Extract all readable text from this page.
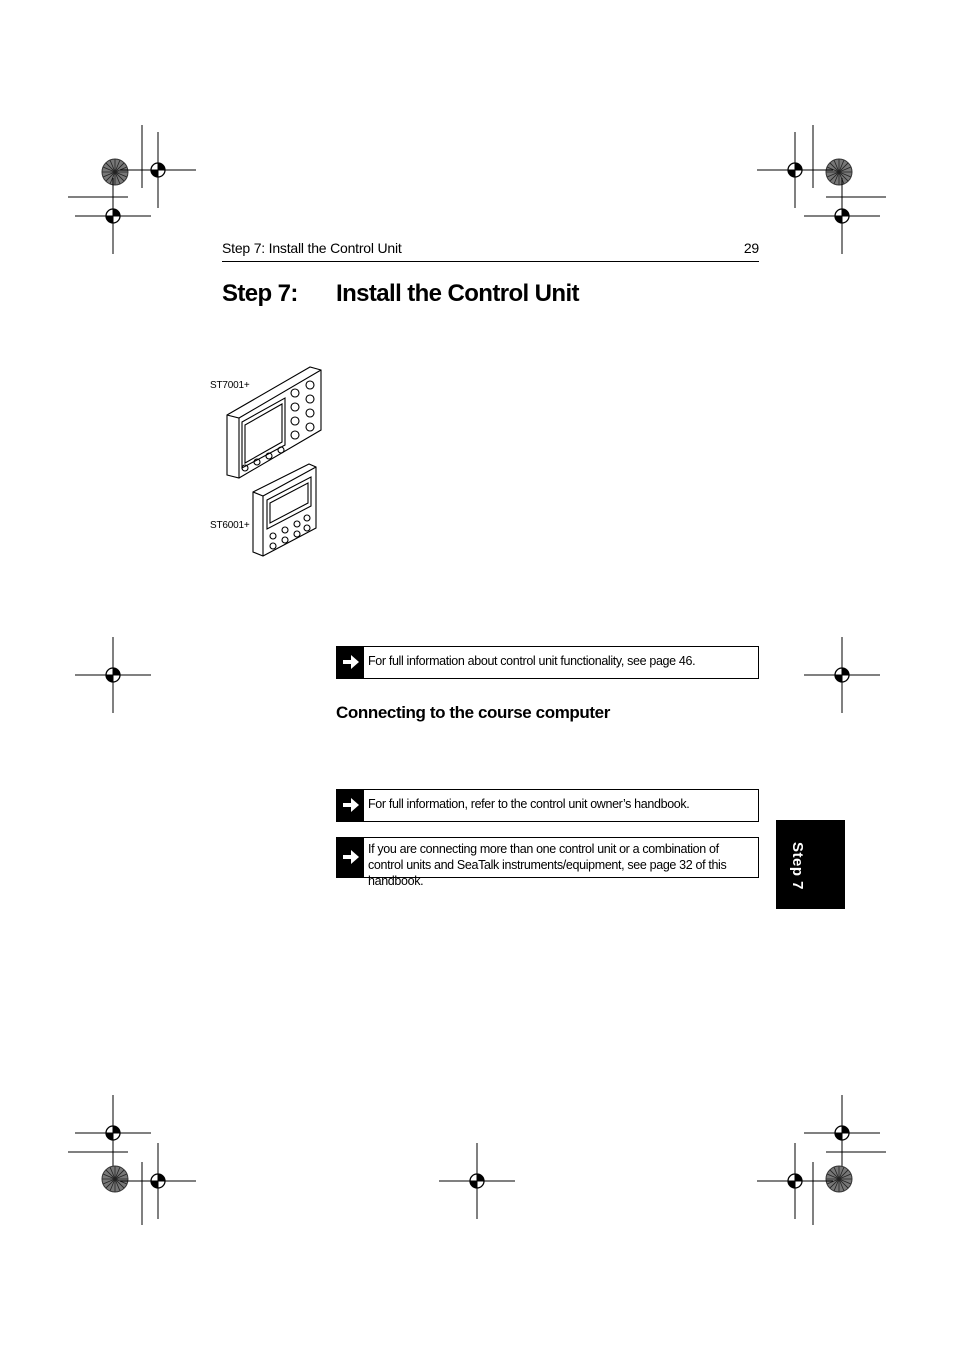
Step 7: Install the Control Unit	29
Step 7: Install the Control Unit
ST7001+
ST6001+
For full information about control unit functionality, see page 46.
Connecting to the course computer
For full information, refer to the control unit owner’s handbook.
If you are connecting more than one control unit or a combination of control units and SeaTalk instruments/equipment, see page 32 of this handbook.	Step 7
